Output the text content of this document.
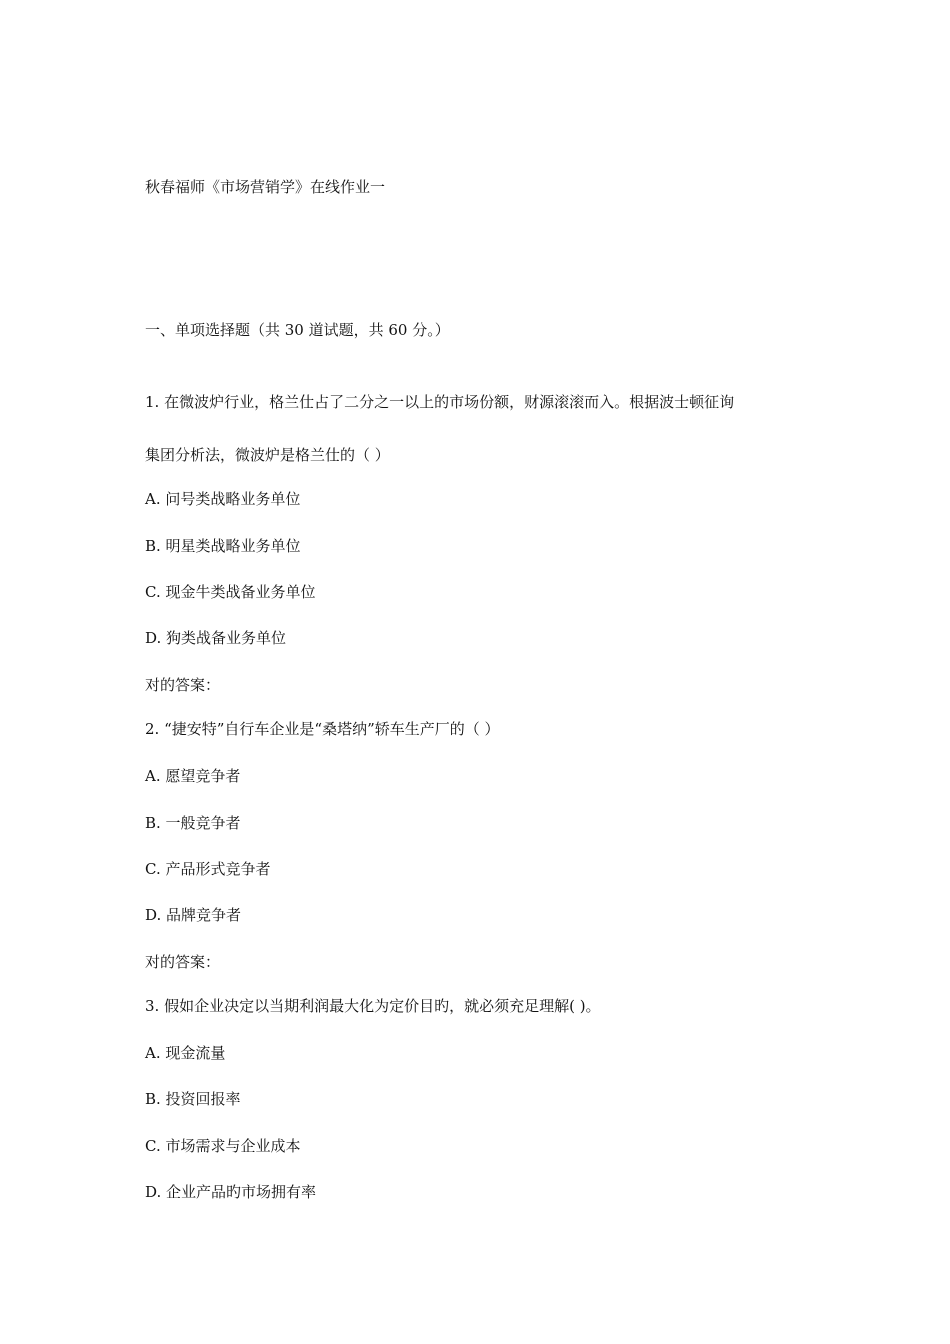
秋春福师《市场营销学》在线作业一
一、单项选择题（共 30 道试题，共 60 分。）
1. 在微波炉行业，格兰仕占了二分之一以上的市场份额，财源滚滚而入。根据波士顿征询
集团分析法，微波炉是格兰仕的（ ）
A. 问号类战略业务单位
B. 明星类战略业务单位
C. 现金牛类战备业务单位
D. 狗类战备业务单位
对的答案：
2. “捷安特”自行车企业是“桑塔纳”轿车生产厂的（ ）
A. 愿望竞争者
B. 一般竞争者
C. 产品形式竞争者
D. 品牌竞争者
对的答案：
3. 假如企业决定以当期利润最大化为定价目旳，就必须充足理解( )。
A. 现金流量
B. 投资回报率
C. 市场需求与企业成本
D. 企业产品旳市场拥有率
